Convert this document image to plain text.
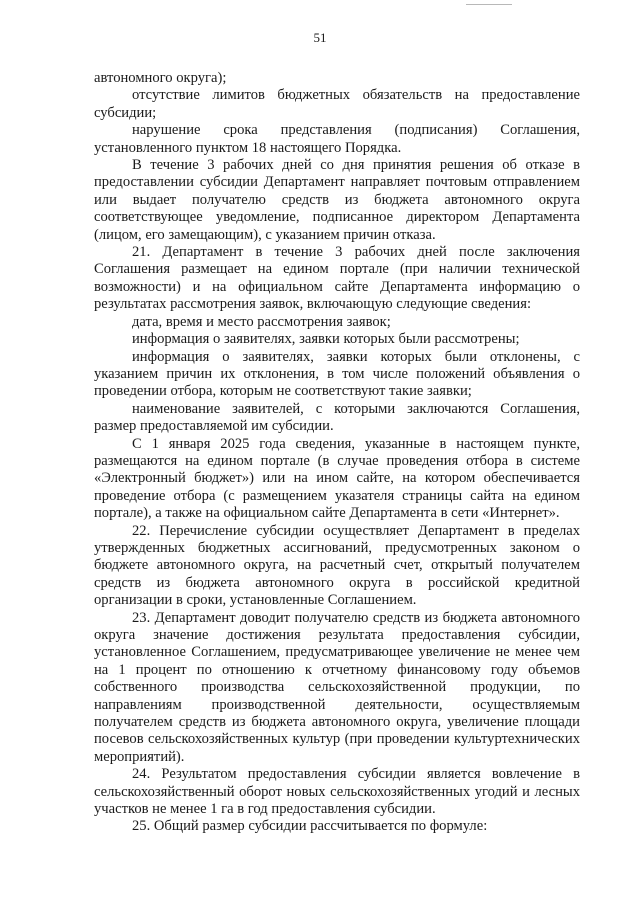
51

автономного округа);

отсутствие лимитов бюджетных обязательств на предоставление субсидии;

нарушение срока представления (подписания) Соглашения, установленного пунктом 18 настоящего Порядка.

В течение 3 рабочих дней со дня принятия решения об отказе в предоставлении субсидии Департамент направляет почтовым отправлением или выдает получателю средств из бюджета автономного округа соответствующее уведомление, подписанное директором Департамента (лицом, его замещающим), с указанием причин отказа.

21. Департамент в течение 3 рабочих дней после заключения Соглашения размещает на едином портале (при наличии технической возможности) и на официальном сайте Департамента информацию о результатах рассмотрения заявок, включающую следующие сведения:

дата, время и место рассмотрения заявок;

информация о заявителях, заявки которых были рассмотрены;

информация о заявителях, заявки которых были отклонены, с указанием причин их отклонения, в том числе положений объявления о проведении отбора, которым не соответствуют такие заявки;

наименование заявителей, с которыми заключаются Соглашения, размер предоставляемой им субсидии.

С 1 января 2025 года сведения, указанные в настоящем пункте, размещаются на едином портале (в случае проведения отбора в системе «Электронный бюджет») или на ином сайте, на котором обеспечивается проведение отбора (с размещением указателя страницы сайта на едином портале), а также на официальном сайте Департамента в сети «Интернет».

22. Перечисление субсидии осуществляет Департамент в пределах утвержденных бюджетных ассигнований, предусмотренных законом о бюджете автономного округа, на расчетный счет, открытый получателем средств из бюджета автономного округа в российской кредитной организации в сроки, установленные Соглашением.

23. Департамент доводит получателю средств из бюджета автономного округа значение достижения результата предоставления субсидии, установленное Соглашением, предусматривающее увеличение не менее чем на 1 процент по отношению к отчетному финансовому году объемов собственного производства сельскохозяйственной продукции, по направлениям производственной деятельности, осуществляемым получателем средств из бюджета автономного округа, увеличение площади посевов сельскохозяйственных культур (при проведении культуртехнических мероприятий).

24. Результатом предоставления субсидии является вовлечение в сельскохозяйственный оборот новых сельскохозяйственных угодий и лесных участков не менее 1 га в год предоставления субсидии.

25. Общий размер субсидии рассчитывается по формуле:
